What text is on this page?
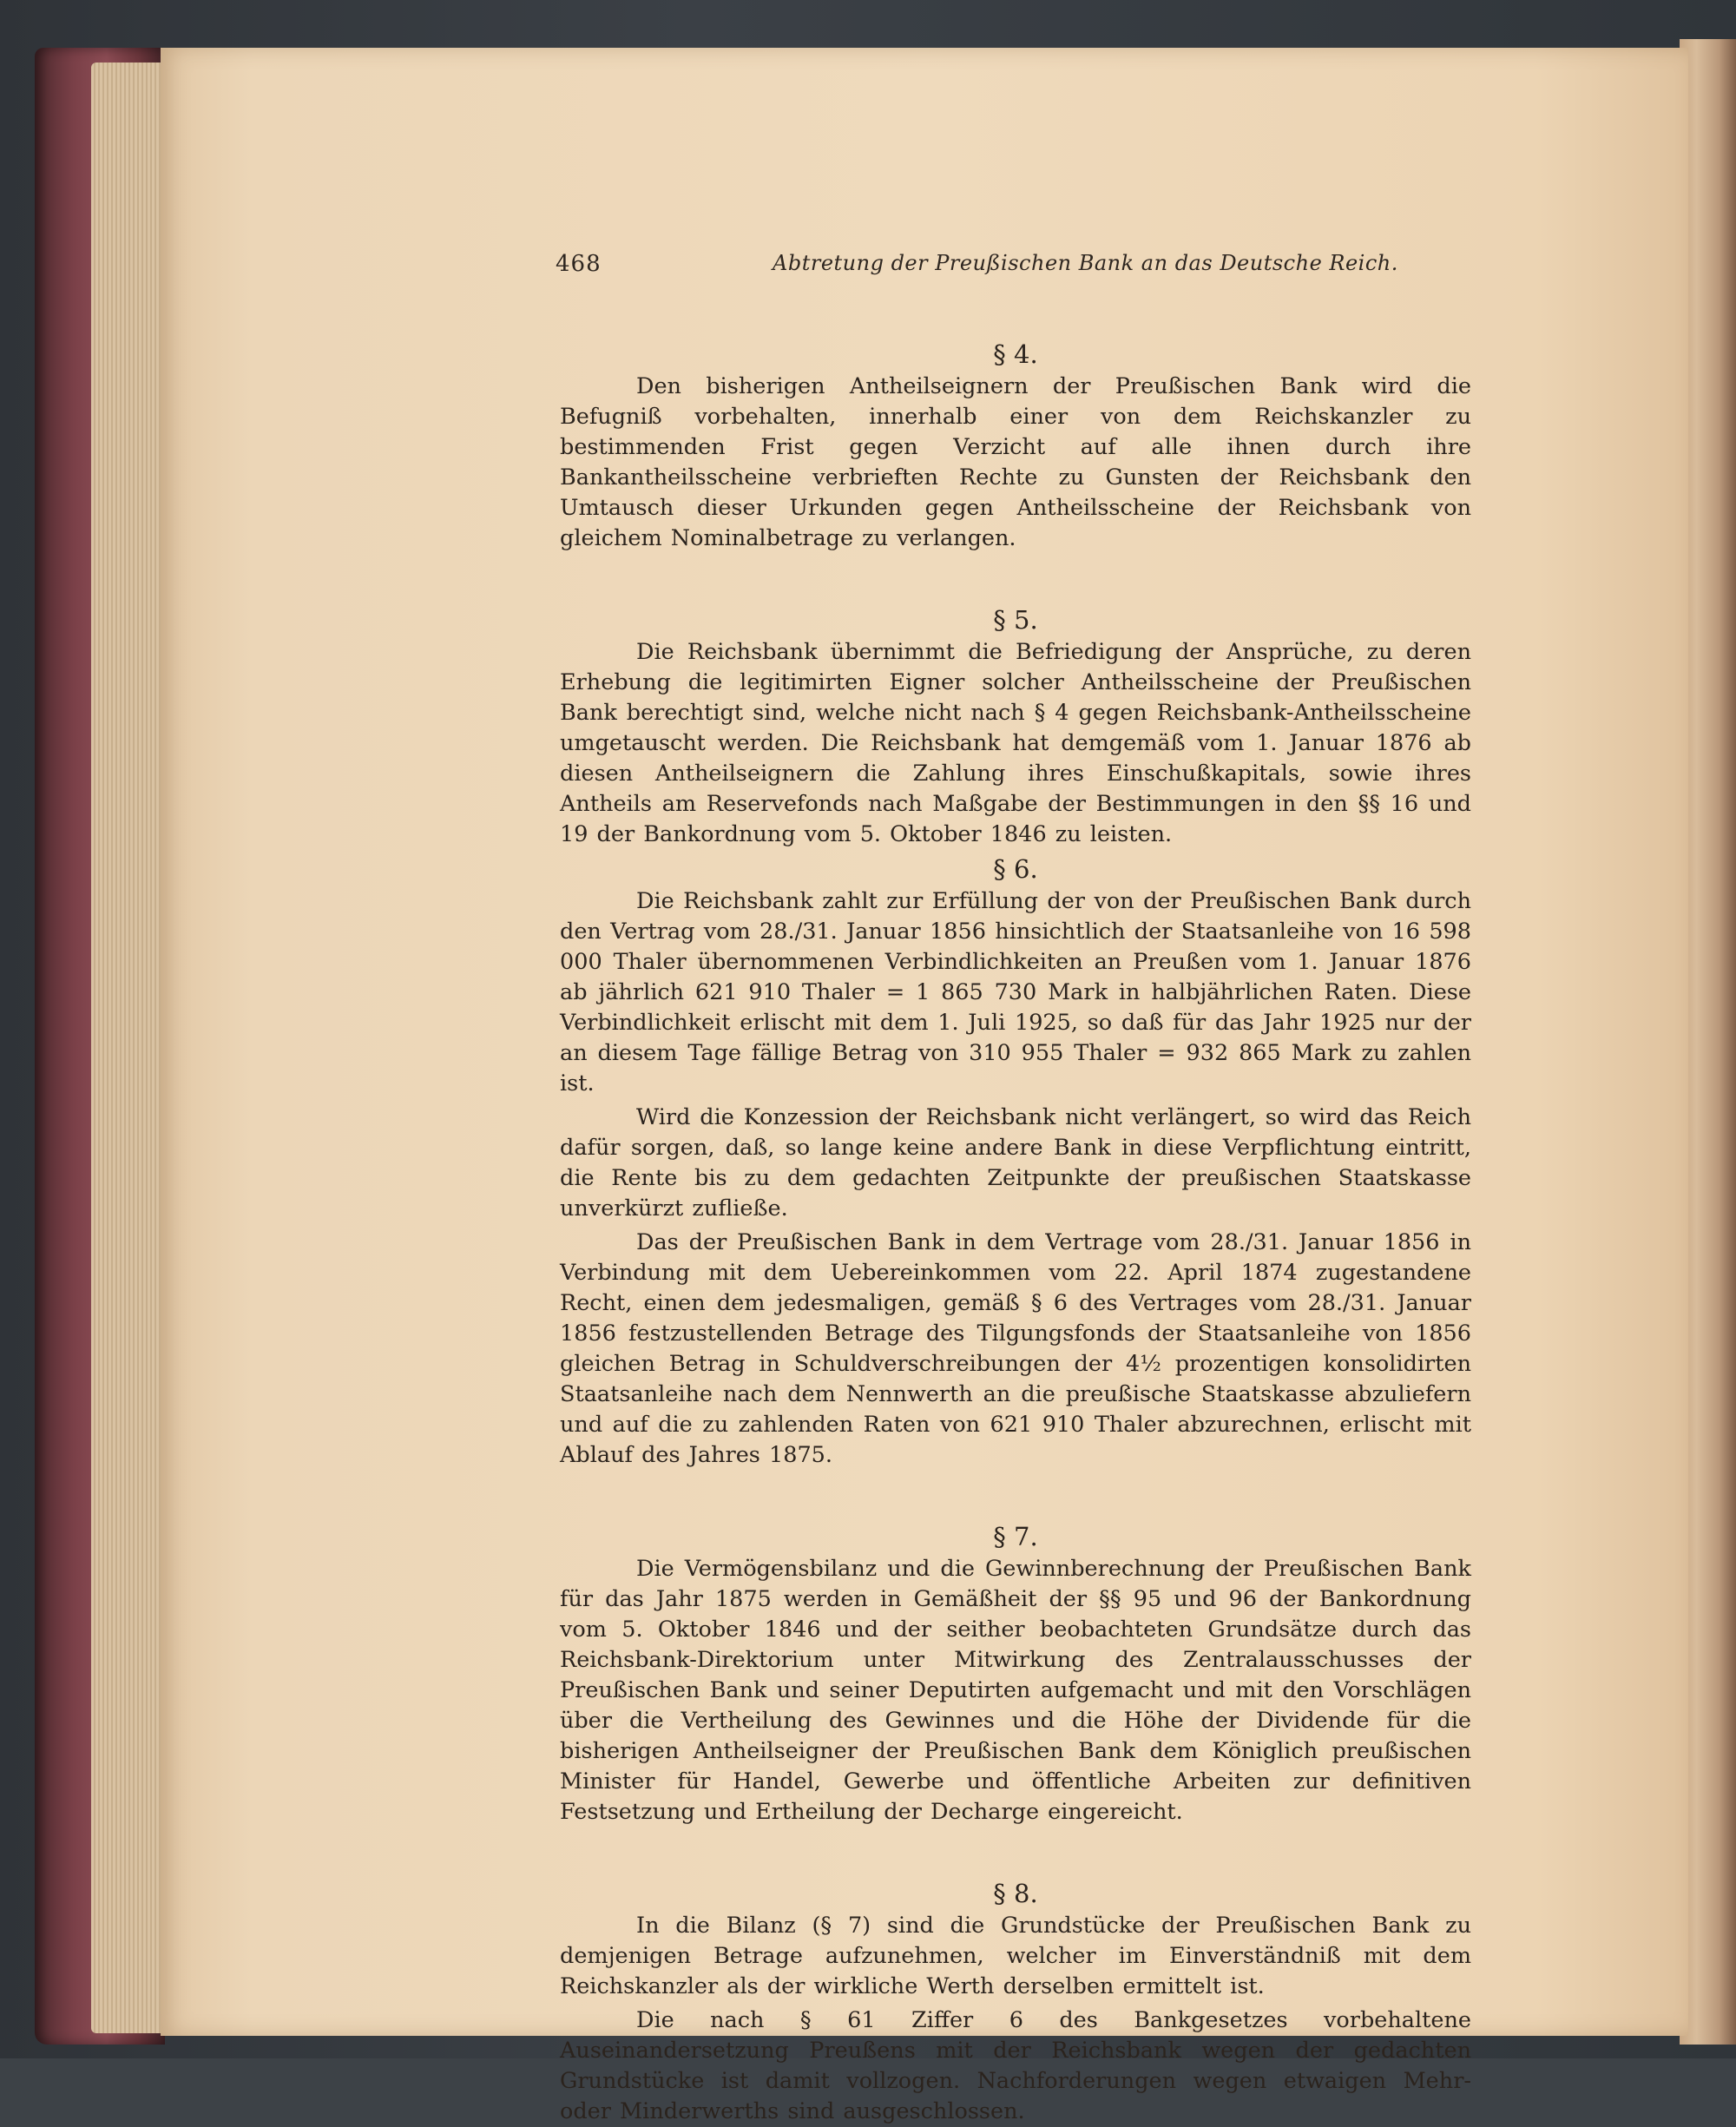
468	Abtretung der Preußischen Bank an das Deutsche Reich.

§ 4.

Den bisherigen Antheilseignern der Preußischen Bank wird die Befugniß vorbehalten, innerhalb einer von dem Reichskanzler zu bestimmenden Frist gegen Verzicht auf alle ihnen durch ihre Bankantheilsscheine verbrieften Rechte zu Gunsten der Reichsbank den Umtausch dieser Urkunden gegen Antheilsscheine der Reichsbank von gleichem Nominalbetrage zu verlangen.

§ 5.

Die Reichsbank übernimmt die Befriedigung der Ansprüche, zu deren Erhebung die legitimirten Eigner solcher Antheilsscheine der Preußischen Bank berechtigt sind, welche nicht nach § 4 gegen Reichsbank-Antheilsscheine umgetauscht werden. Die Reichsbank hat demgemäß vom 1. Januar 1876 ab diesen Antheilseignern die Zahlung ihres Einschußkapitals, sowie ihres Antheils am Reservefonds nach Maßgabe der Bestimmungen in den §§ 16 und 19 der Bankordnung vom 5. Oktober 1846 zu leisten.

§ 6.

Die Reichsbank zahlt zur Erfüllung der von der Preußischen Bank durch den Vertrag vom 28./31. Januar 1856 hinsichtlich der Staatsanleihe von 16 598 000 Thaler übernommenen Verbindlichkeiten an Preußen vom 1. Januar 1876 ab jährlich 621 910 Thaler = 1 865 730 Mark in halbjährlichen Raten. Diese Verbindlichkeit erlischt mit dem 1. Juli 1925, so daß für das Jahr 1925 nur der an diesem Tage fällige Betrag von 310 955 Thaler = 932 865 Mark zu zahlen ist.

Wird die Konzession der Reichsbank nicht verlängert, so wird das Reich dafür sorgen, daß, so lange keine andere Bank in diese Verpflichtung eintritt, die Rente bis zu dem gedachten Zeitpunkte der preußischen Staatskasse unverkürzt zufließe.

Das der Preußischen Bank in dem Vertrage vom 28./31. Januar 1856 in Verbindung mit dem Uebereinkommen vom 22. April 1874 zugestandene Recht, einen dem jedesmaligen, gemäß § 6 des Vertrages vom 28./31. Januar 1856 festzustellenden Betrage des Tilgungsfonds der Staatsanleihe von 1856 gleichen Betrag in Schuldverschreibungen der 4½ prozentigen konsolidirten Staatsanleihe nach dem Nennwerth an die preußische Staatskasse abzuliefern und auf die zu zahlenden Raten von 621 910 Thaler abzurechnen, erlischt mit Ablauf des Jahres 1875.

§ 7.

Die Vermögensbilanz und die Gewinnberechnung der Preußischen Bank für das Jahr 1875 werden in Gemäßheit der §§ 95 und 96 der Bankordnung vom 5. Oktober 1846 und der seither beobachteten Grundsätze durch das Reichsbank-Direktorium unter Mitwirkung des Zentralausschusses der Preußischen Bank und seiner Deputirten aufgemacht und mit den Vorschlägen über die Vertheilung des Gewinnes und die Höhe der Dividende für die bisherigen Antheilseigner der Preußischen Bank dem Königlich preußischen Minister für Handel, Gewerbe und öffentliche Arbeiten zur definitiven Festsetzung und Ertheilung der Decharge eingereicht.

§ 8.

In die Bilanz (§ 7) sind die Grundstücke der Preußischen Bank zu demjenigen Betrage aufzunehmen, welcher im Einverständniß mit dem Reichskanzler als der wirkliche Werth derselben ermittelt ist.

Die nach § 61 Ziffer 6 des Bankgesetzes vorbehaltene Auseinandersetzung Preußens mit der Reichsbank wegen der gedachten Grundstücke ist damit vollzogen. Nachforderungen wegen etwaigen Mehr- oder Minderwerths sind ausgeschlossen.
